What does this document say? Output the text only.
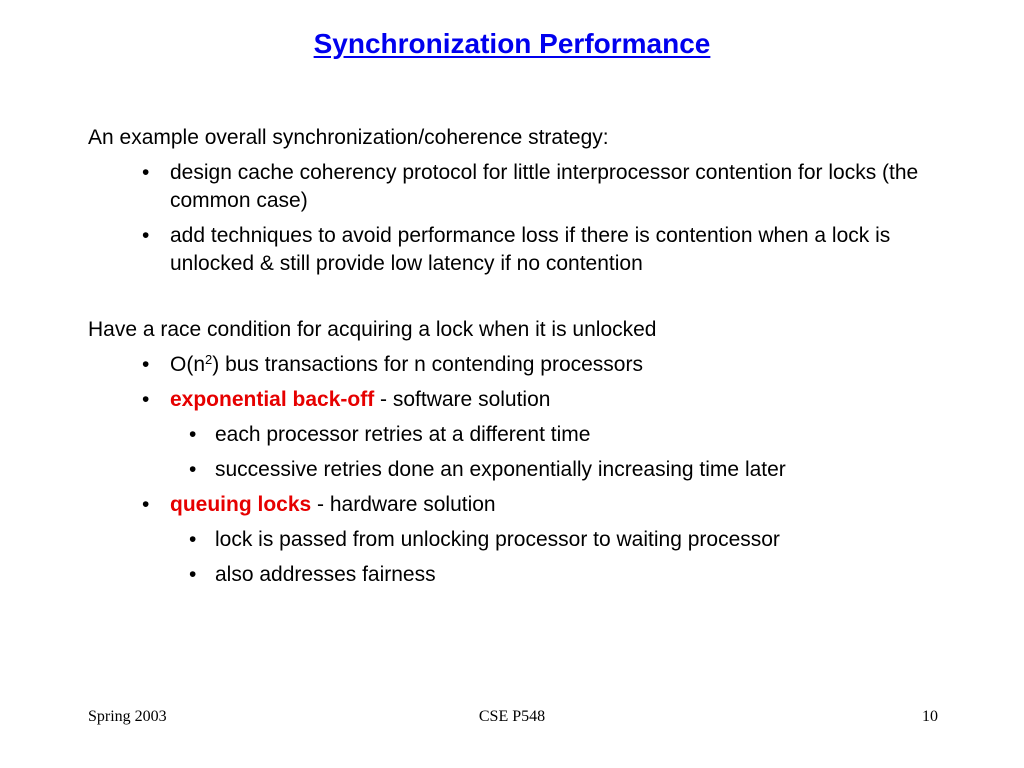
Synchronization Performance

An example overall synchronization/coherence strategy:

• design cache coherency protocol for little interprocessor contention for locks (the common case)
• add techniques to avoid performance loss if there is contention when a lock is unlocked & still provide low latency if no contention

Have a race condition for acquiring a lock when it is unlocked

• $O(n^2)$ bus transactions for n contending processors
• exponential back-off - software solution
• each processor retries at a different time
• successive retries done an exponentially increasing time later
• queuing locks - hardware solution
• lock is passed from unlocking processor to waiting processor
• also addresses fairness
Spring 2003	CSE P548	10
